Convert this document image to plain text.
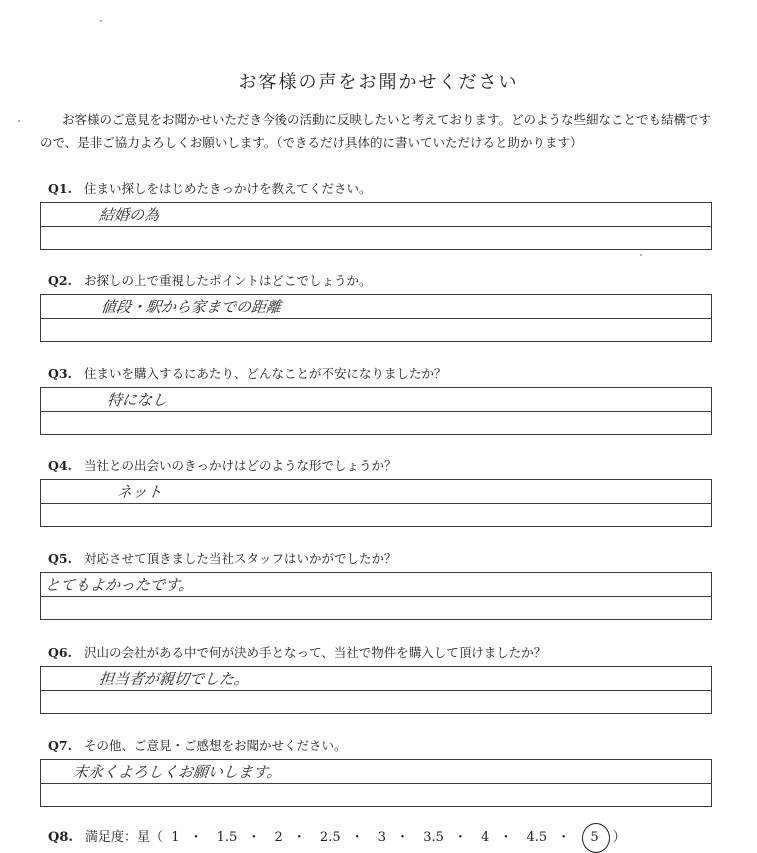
お客様の声をお聞かせください
お客様のご意見をお聞かせいただき今後の活動に反映したいと考えております。どのような些細なことでも結構ですので、是非ご協力よろしくお願いします。（できるだけ具体的に書いていただけると助かります）
Q1. 住まい探しをはじめたきっかけを教えてください。
結婚の為
Q2. お探しの上で重視したポイントはどこでしょうか。
値段・駅から家までの距離
Q3. 住まいを購入するにあたり、どんなことが不安になりましたか？
特になし
Q4. 当社との出会いのきっかけはどのような形でしょうか？
ネット
Q5. 対応させて頂きました当社スタッフはいかがでしたか？
とてもよかったです。
Q6. 沢山の会社がある中で何が決め手となって、当社で物件を購入して頂けましたか？
担当者が親切でした。
Q7. その他、ご意見・ご感想をお聞かせください。
末永くよろしくお願いします。
Q8. 満足度：星（ 1 ・ 1.5 ・ 2 ・ 2.5 ・ 3 ・ 3.5 ・ 4 ・ 4.5 ・ 5 ）
